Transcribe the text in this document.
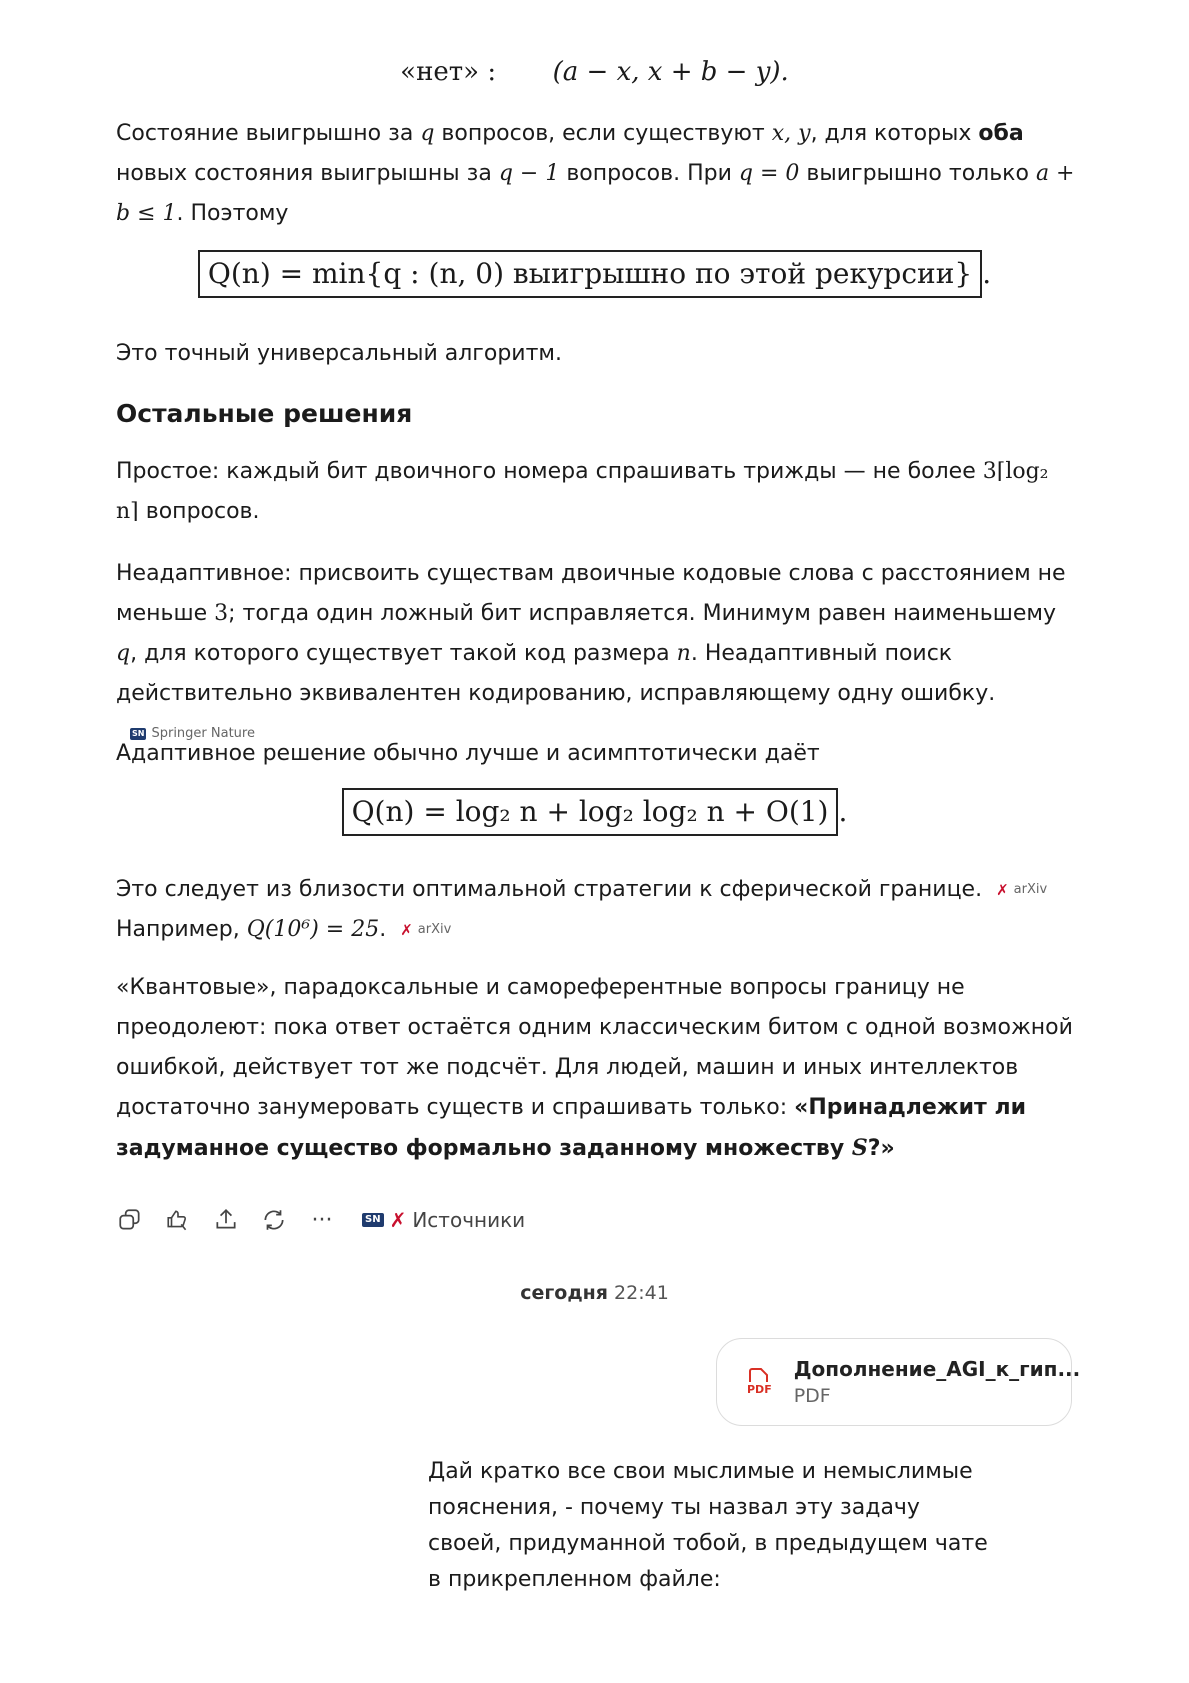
«нет» : (a − x, x + b − y).

Состояние выигрышно за q вопросов, если существуют x, y, для которых оба новых состояния выигрышны за q − 1 вопросов. При q = 0 выигрышно только a + b ≤ 1. Поэтому

Q(n) = min{q : (n, 0) выигрышно по этой рекурсии} .

Это точный универсальный алгоритм.

Остальные решения

Простое: каждый бит двоичного номера спрашивать трижды — не более 3⌈log₂ n⌉ вопросов.

Неадаптивное: присвоить существам двоичные кодовые слова с расстоянием не меньше 3; тогда один ложный бит исправляется. Минимум равен наименьшему q, для которого существует такой код размера n. Неадаптивный поиск действительно эквивалентен кодированию, исправляющему одну ошибку.
SN Springer Nature

Адаптивное решение обычно лучше и асимптотически даёт

Q(n) = log₂ n + log₂ log₂ n + O(1) .

Это следует из близости оптимальной стратегии к сферической границе. ✗ arXiv

Например, Q(10⁶) = 25. ✗ arXiv

«Квантовые», парадоксальные и самореферентные вопросы границу не преодолеют: пока ответ остаётся одним классическим битом с одной возможной ошибкой, действует тот же подсчёт. Для людей, машин и иных интеллектов достаточно занумеровать существ и спрашивать только: «Принадлежит ли задуманное существо формально заданному множеству S?»

···	SN ✗ Источники
сегодня 22:41
PDF
Дополнение_AGI_к_гип...
PDF
Дай кратко все свои мыслимые и немыслимые пояснения, - почему ты назвал эту задачу своей, придуманной тобой, в предыдущем чате в прикрепленном файле:
